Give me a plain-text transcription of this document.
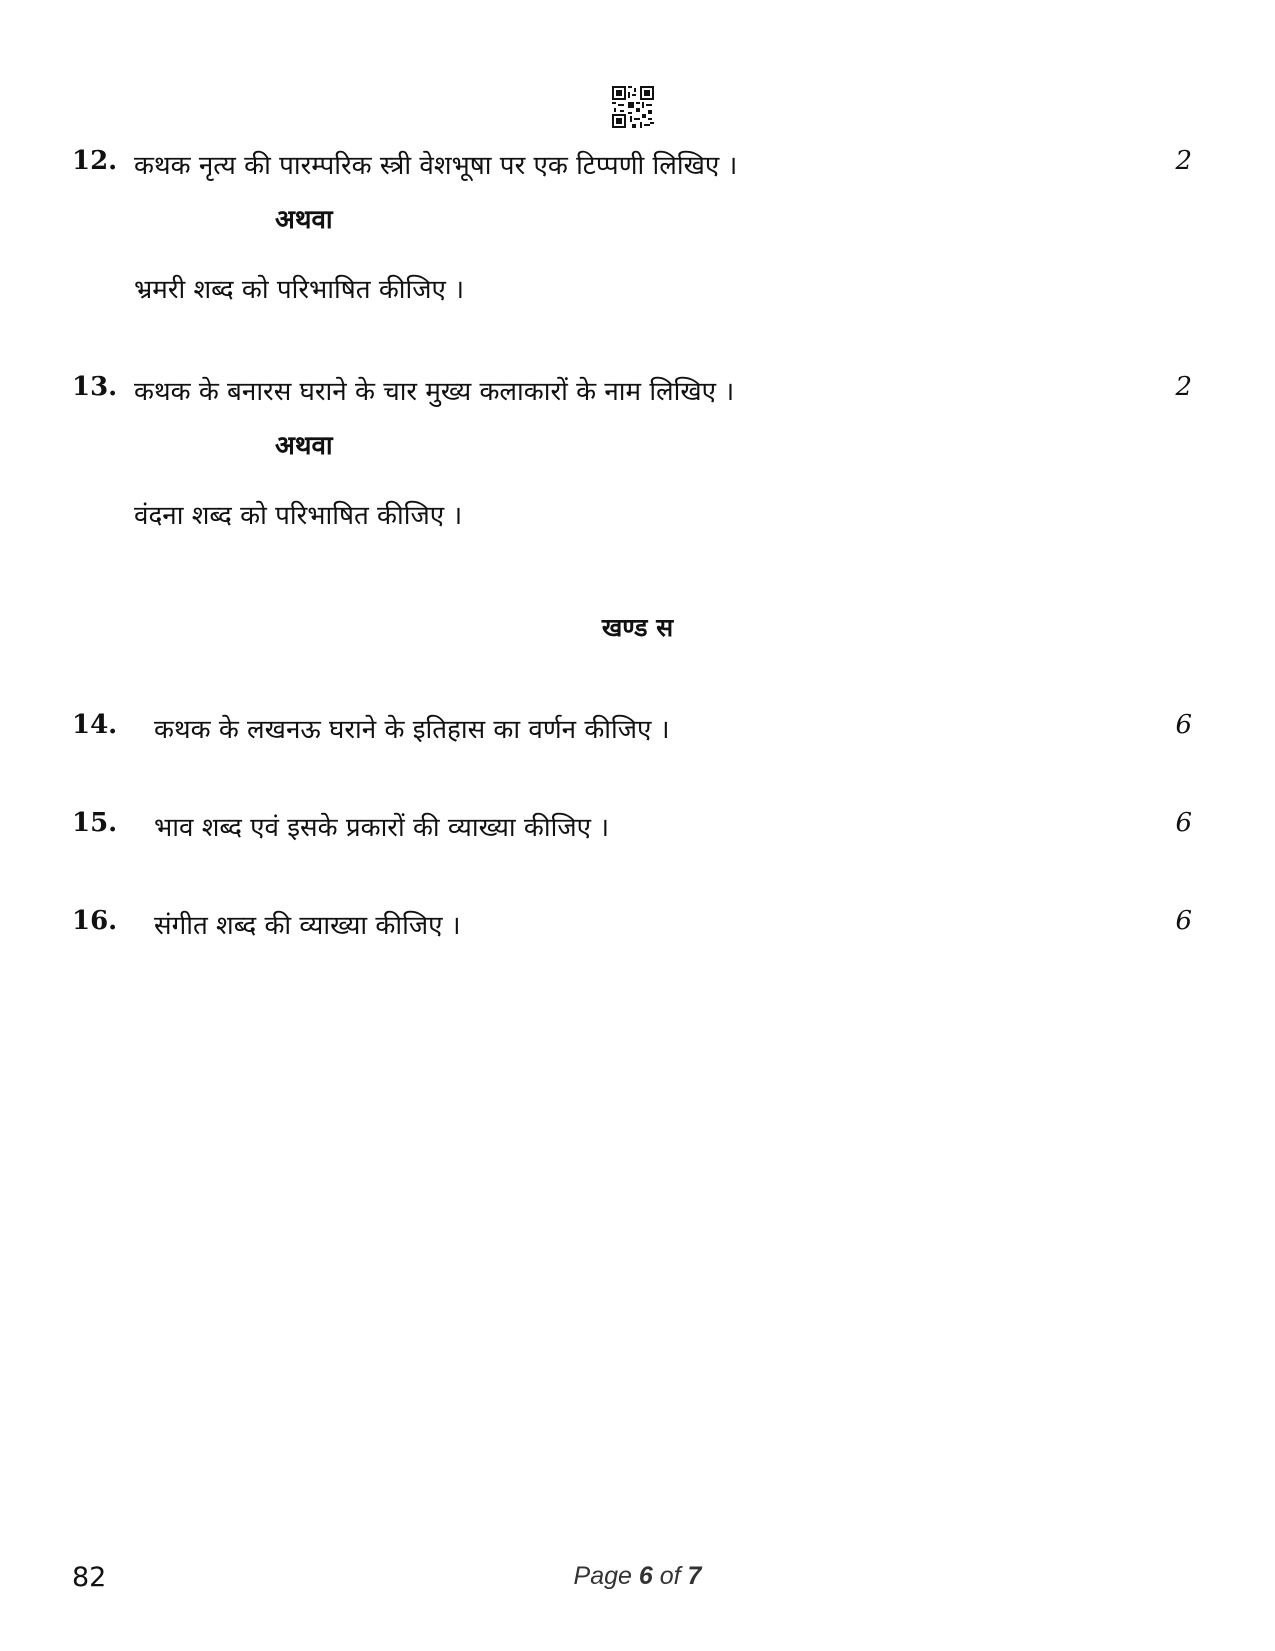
12. कथक नृत्य की पारम्परिक स्त्री वेशभूषा पर एक टिप्पणी लिखिए ।	2
अथवा
भ्रमरी शब्द को परिभाषित कीजिए ।
13. कथक के बनारस घराने के चार मुख्य कलाकारों के नाम लिखिए ।	2
अथवा
वंदना शब्द को परिभाषित कीजिए ।
खण्ड स
14. कथक के लखनऊ घराने के इतिहास का वर्णन कीजिए ।	6
15. भाव शब्द एवं इसके प्रकारों की व्याख्या कीजिए ।	6
16. संगीत शब्द की व्याख्या कीजिए ।	6
82	Page 6 of 7
